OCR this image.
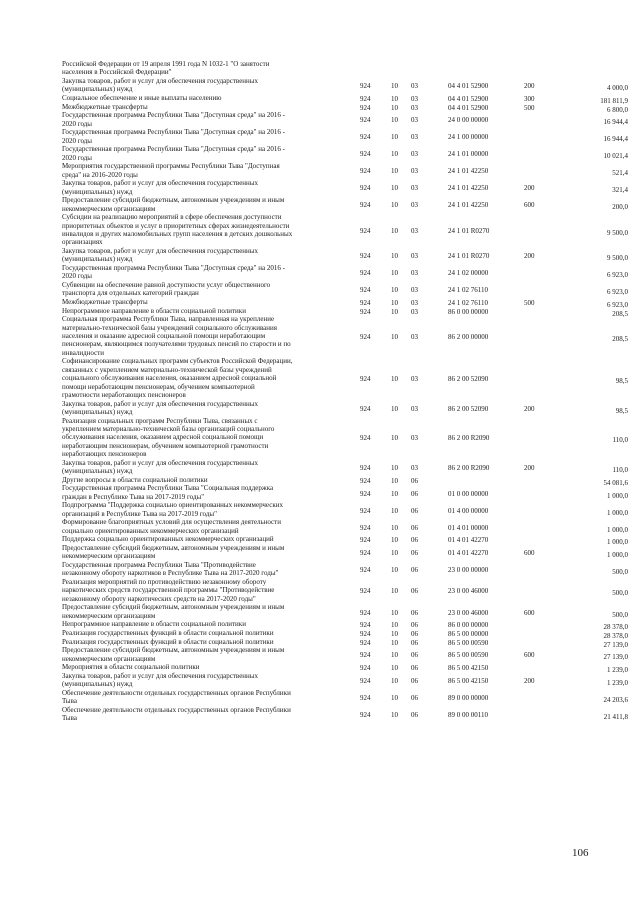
Российской Федерации от 19 апреля 1991 года N 1032-1 "О занятости
населения в Российской Федерации"
Закупка товаров, работ и услуг для обеспечения государственных
(муниципальных) нужд	924	10 03	04 4 01 52900	200	4 000,0
Социальное обеспечение и иные выплаты населению	924	10 03	04 4 01 52900	300	181 811,9
Межбюджетные трансферты	924	10 03	04 4 01 52900	500	6 800,0
Государственная программа Республики Тыва "Доступная среда" на 2016 -
2020 годы	924	10 03	24 0 00 00000	16 944,4
Государственная программа Республики Тыва "Доступная среда" на 2016 -
2020 годы	924	10 03	24 1 00 00000	16 944,4
Государственная программа Республики Тыва "Доступная среда" на 2016 -
2020 годы	924	10 03	24 1 01 00000	10 021,4
Мероприятия государственной программы Республики Тыва "Доступная
среда" на 2016-2020 годы	924	10 03	24 1 01 42250	521,4
Закупка товаров, работ и услуг для обеспечения государственных
(муниципальных) нужд	924	10 03	24 1 01 42250	200	321,4
Предоставление субсидий бюджетным, автономным учреждениям и иным
некоммерческим организациям	924	10 03	24 1 01 42250	600	200,0
Субсидии на реализацию мероприятий в сфере обеспечения доступности
приоритетных объектов и услуг в приоритетных сферах жизнедеятельности
инвалидов и других маломобильных групп населения в детских дошкольных
организациях
924	10 03	24 1 01 R0270	9 500,0
Закупка товаров, работ и услуг для обеспечения государственных
(муниципальных) нужд	924	10 03	24 1 01 R0270	200	9 500,0
Государственная программа Республики Тыва "Доступная среда" на 2016 -
2020 годы	924	10 03	24 1 02 00000	6 923,0
Субвенции на обеспечение равной доступности услуг общественного
транспорта для отдельных категорий граждан	924	10 03	24 1 02 76110	6 923,0
Межбюджетные трансферты	924	10 03	24 1 02 76110	500	6 923,0
Непрограммное направление в области социальной политики	924	10 03	86 0 00 00000	208,5
Социальная программа Республики Тыва, направленная на укрепление
материально-технической базы учреждений социального обслуживания
населения и оказание адресной социальной помощи неработающим
пенсионерам, являющимся получателями трудовых пенсий по старости и по
инвалидности
924	10 03	86 2 00 00000	208,5
Софинансирование социальных программ субъектов Российской Федерации,
связанных с укреплением материально-технической базы учреждений
социального обслуживания населения, оказанием адресной социальной
помощи неработающим пенсионерам, обучением компьютерной
грамотности неработающих пенсионеров
924	10 03	86 2 00 52090	98,5
Закупка товаров, работ и услуг для обеспечения государственных
(муниципальных) нужд	924	10 03	86 2 00 52090	200	98,5
Реализация социальных программ Республики Тыва, связанных с
укреплением материально-технической базы организаций социального
обслуживания населения, оказанием адресной социальной помощи
неработающим пенсионерам, обучением компьютерной грамотности
неработающих пенсионеров
924	10 03	86 2 00 R2090	110,0
Закупка товаров, работ и услуг для обеспечения государственных
(муниципальных) нужд	924	10 03	86 2 00 R2090	200	110,0
Другие вопросы в области социальной политики	924	10 06	54 081,6
Государственная программа Республики Тыва "Социальная поддержка
граждан в Республике Тыва на 2017-2019 годы"	924	10 06	01 0 00 00000	1 000,0
Подпрограмма "Поддержка социально ориентированных некоммерческих
организаций в Республике Тыва на 2017-2019 годы"	924	10 06	01 4 00 00000	1 000,0
Формирование благоприятных условий для осуществления деятельности
социально ориентированных некоммерческих организаций	924	10 06	01 4 01 00000	1 000,0
Поддержка социально ориентированных некоммерческих организаций	924	10 06	01 4 01 42270	1 000,0
Предоставление субсидий бюджетным, автономным учреждениям и иным
некоммерческим организациям	924	10 06	01 4 01 42270	600	1 000,0
Государственная программа Республики Тыва "Противодействие
незаконному обороту наркотиков в Республике Тыва на 2017-2020 годы"	924	10 06	23 0 00 00000	500,0
Реализация мероприятий по противодействию незаконному обороту
наркотических средств государственной программы "Противодействие
незаконному обороту наркотических средств на 2017-2020 годы"
924	10 06	23 0 00 46000	500,0
Предоставление субсидий бюджетным, автономным учреждениям и иным
некоммерческим организациям	924	10 06	23 0 00 46000	600	500,0
Непрограммное направление в области социальной политики	924	10 06	86 0 00 00000	28 378,0
Реализация государственных функций в области социальной политики	924	10 06	86 5 00 00000	28 378,0
Реализация государственных функций в области социальной политики	924	10 06	86 5 00 00590	27 139,0
Предоставление субсидий бюджетным, автономным учреждениям и иным
некоммерческим организациям	924	10 06	86 5 00 00590	600	27 139,0
Мероприятия в области социальной политики	924	10 06	86 5 00 42150	1 239,0
Закупка товаров, работ и услуг для обеспечения государственных
(муниципальных) нужд	924	10 06	86 5 00 42150	200	1 239,0
Обеспечение деятельности отдельных государственных органов Республики
Тыва	924	10 06	89 0 00 00000	24 203,6
Обеспечение деятельности отдельных государственных органов Республики
Тыва	924	10 06	89 0 00 00110	21 411,8
106
